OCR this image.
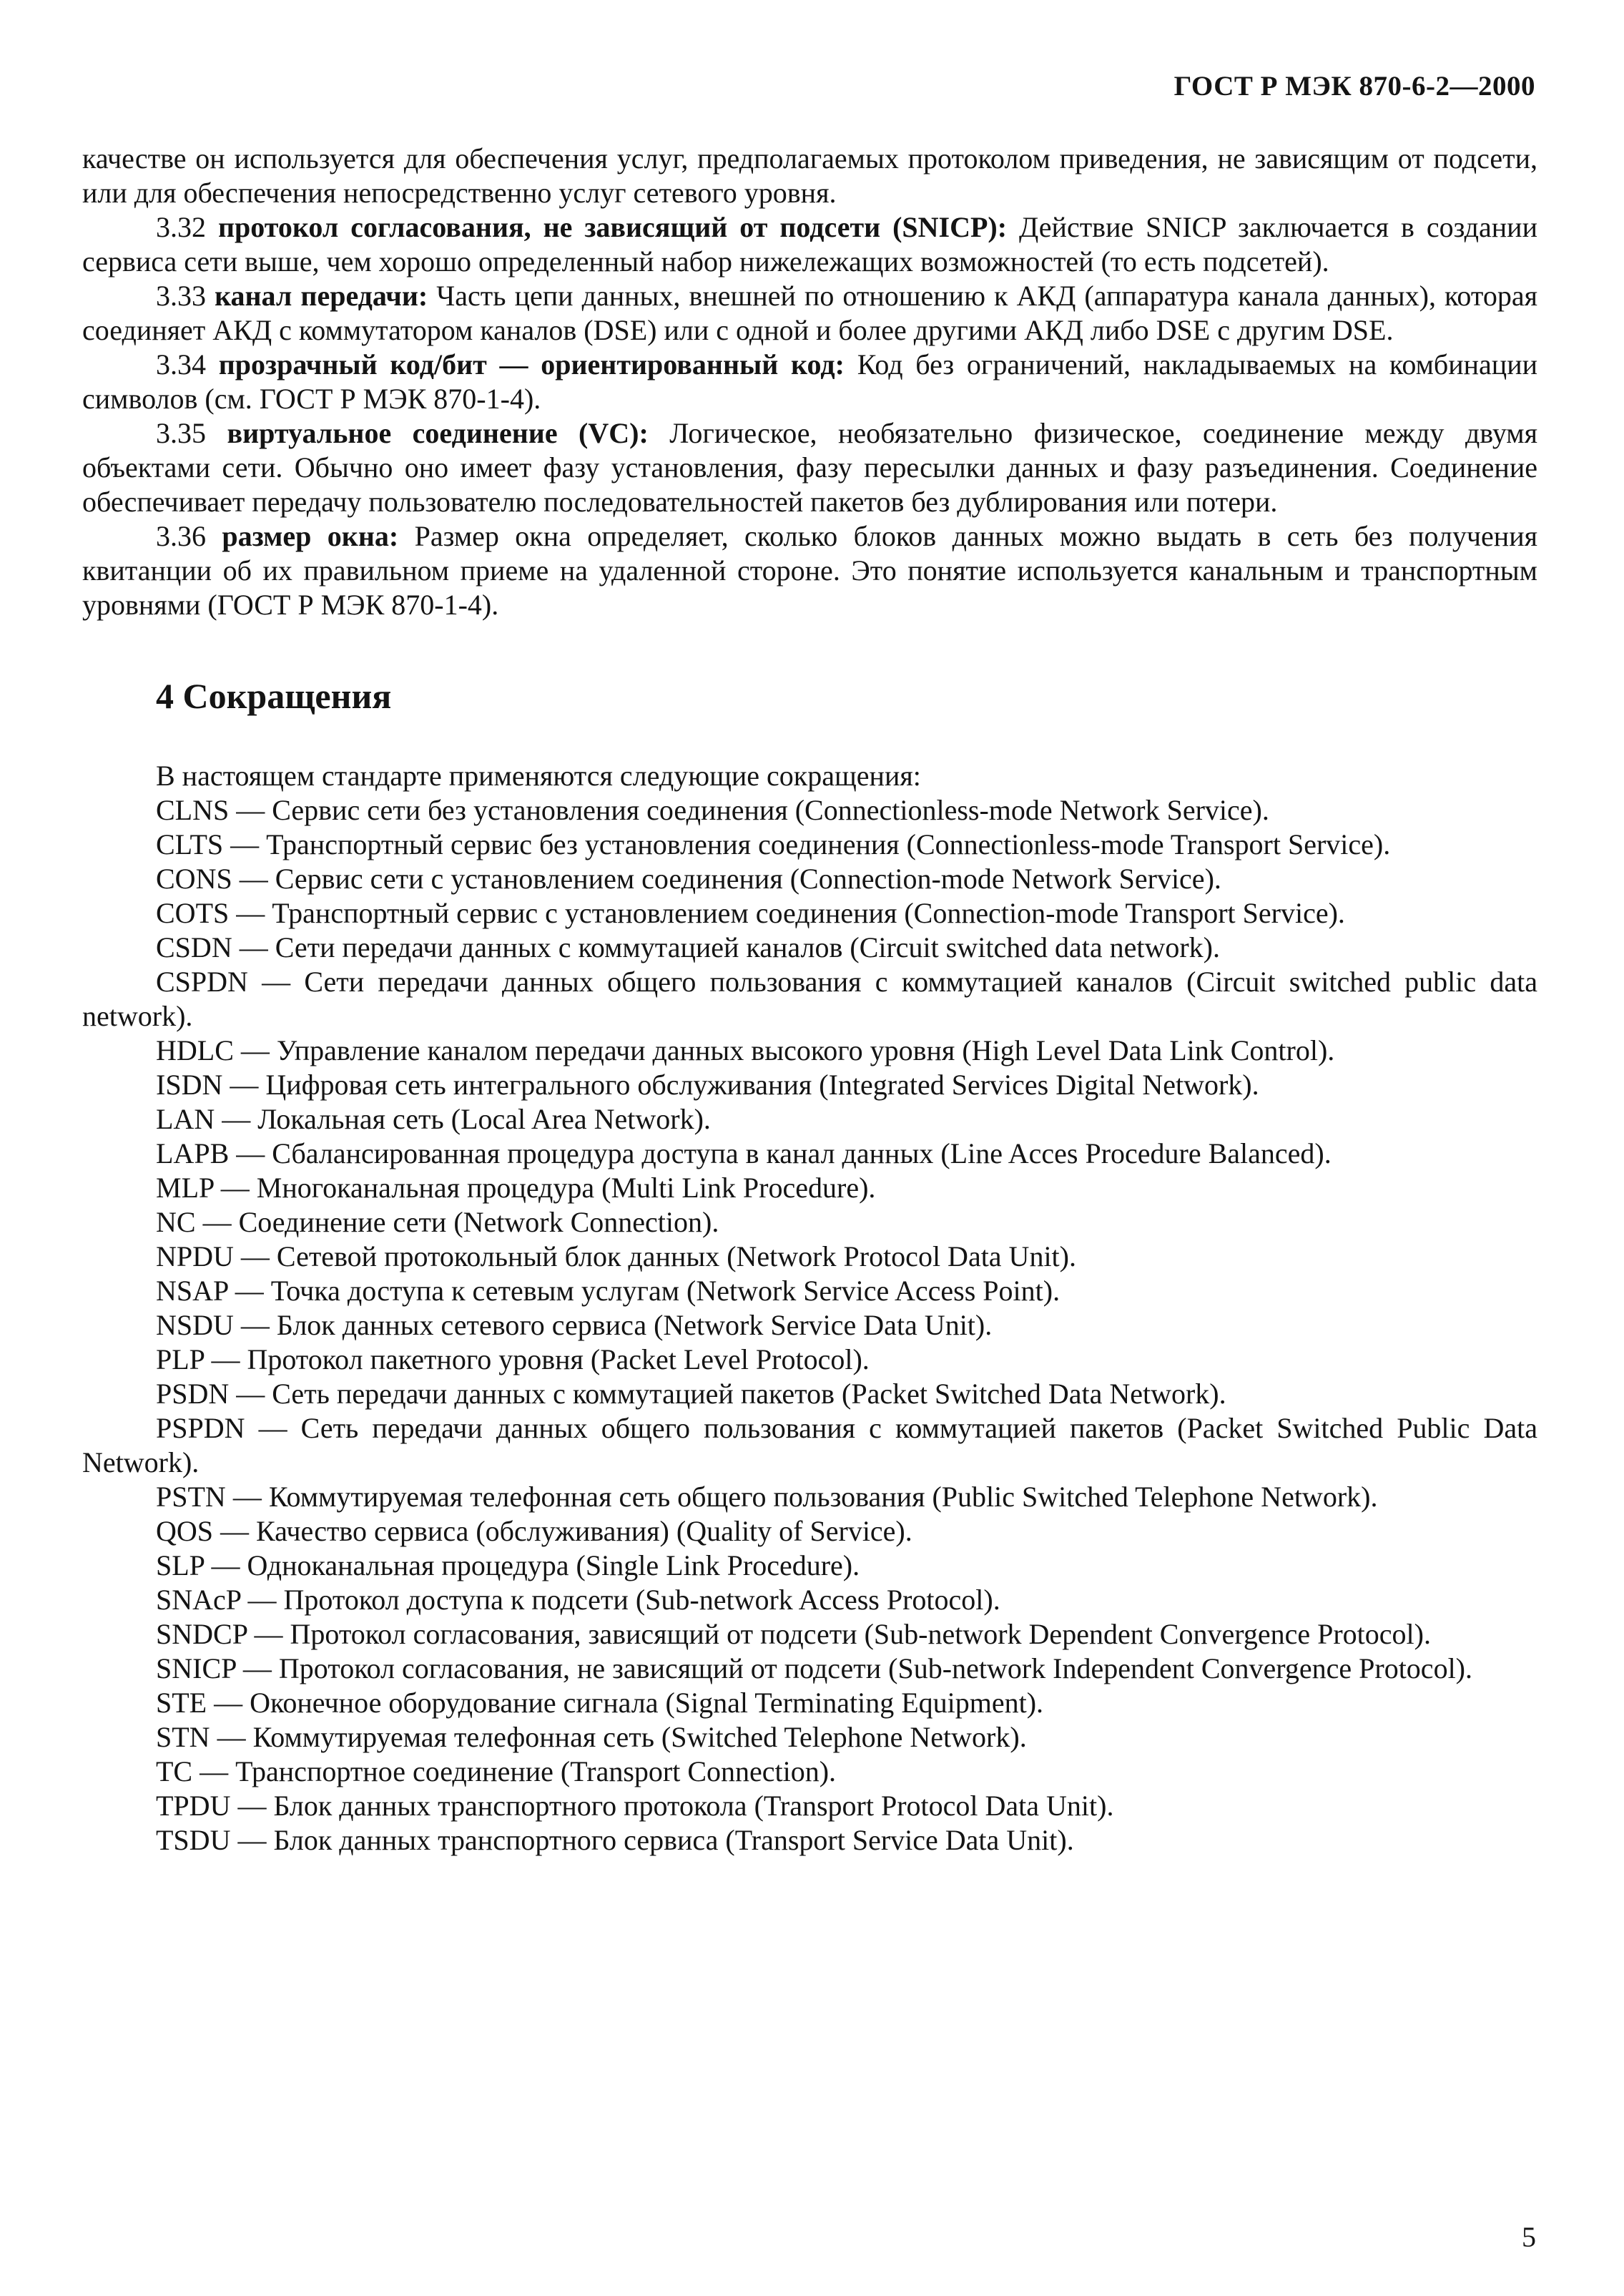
ГОСТ Р МЭК 870-6-2—2000

качестве он используется для обеспечения услуг, предполагаемых протоколом приведения, не зависящим от подсети, или для обеспечения непосредственно услуг сетевого уровня.

3.32 протокол согласования, не зависящий от подсети (SNICP): Действие SNICP заключается в создании сервиса сети выше, чем хорошо определенный набор нижележащих возможностей (то есть подсетей).

3.33 канал передачи: Часть цепи данных, внешней по отношению к АКД (аппаратура канала данных), которая соединяет АКД с коммутатором каналов (DSE) или с одной и более другими АКД либо DSE с другим DSE.

3.34 прозрачный код/бит — ориентированный код: Код без ограничений, накладываемых на комбинации символов (см. ГОСТ Р МЭК 870-1-4).

3.35 виртуальное соединение (VC): Логическое, необязательно физическое, соединение между двумя объектами сети. Обычно оно имеет фазу установления, фазу пересылки данных и фазу разъединения. Соединение обеспечивает передачу пользователю последовательностей пакетов без дублирования или потери.

3.36 размер окна: Размер окна определяет, сколько блоков данных можно выдать в сеть без получения квитанции об их правильном приеме на удаленной стороне. Это понятие используется канальным и транспортным уровнями (ГОСТ Р МЭК 870-1-4).

4 Сокращения

В настоящем стандарте применяются следующие сокращения:

CLNS — Сервис сети без установления соединения (Connectionless-mode Network Service).

CLTS — Транспортный сервис без установления соединения (Connectionless-mode Transport Service).

CONS — Сервис сети с установлением соединения (Connection-mode Network Service).

COTS — Транспортный сервис с установлением соединения (Connection-mode Transport Service).

CSDN — Сети передачи данных с коммутацией каналов (Circuit switched data network).

CSPDN — Сети передачи данных общего пользования с коммутацией каналов (Circuit switched public data network).

HDLC — Управление каналом передачи данных высокого уровня (High Level Data Link Control).

ISDN — Цифровая сеть интегрального обслуживания (Integrated Services Digital Network).

LAN — Локальная сеть (Local Area Network).

LAPB — Сбалансированная процедура доступа в канал данных (Line Acces Procedure Balanced).

MLP — Многоканальная процедура (Multi Link Procedure).

NC — Соединение сети (Network Connection).

NPDU — Сетевой протокольный блок данных (Network Protocol Data Unit).

NSAP — Точка доступа к сетевым услугам (Network Service Access Point).

NSDU — Блок данных сетевого сервиса (Network Service Data Unit).

PLP — Протокол пакетного уровня (Packet Level Protocol).

PSDN — Сеть передачи данных с коммутацией пакетов (Packet Switched Data Network).

PSPDN — Сеть передачи данных общего пользования с коммутацией пакетов (Packet Switched Public Data Network).

PSTN — Коммутируемая телефонная сеть общего пользования (Public Switched Telephone Network).

QOS — Качество сервиса (обслуживания) (Quality of Service).

SLP — Одноканальная процедура (Single Link Procedure).

SNAcP — Протокол доступа к подсети (Sub-network Access Protocol).

SNDCP — Протокол согласования, зависящий от подсети (Sub-network Dependent Convergence Protocol).

SNICP — Протокол согласования, не зависящий от подсети (Sub-network Independent Convergence Protocol).

STE — Оконечное оборудование сигнала (Signal Terminating Equipment).

STN — Коммутируемая телефонная сеть (Switched Telephone Network).

TC — Транспортное соединение (Transport Connection).

TPDU — Блок данных транспортного протокола (Transport Protocol Data Unit).

TSDU — Блок данных транспортного сервиса (Transport Service Data Unit).

5
